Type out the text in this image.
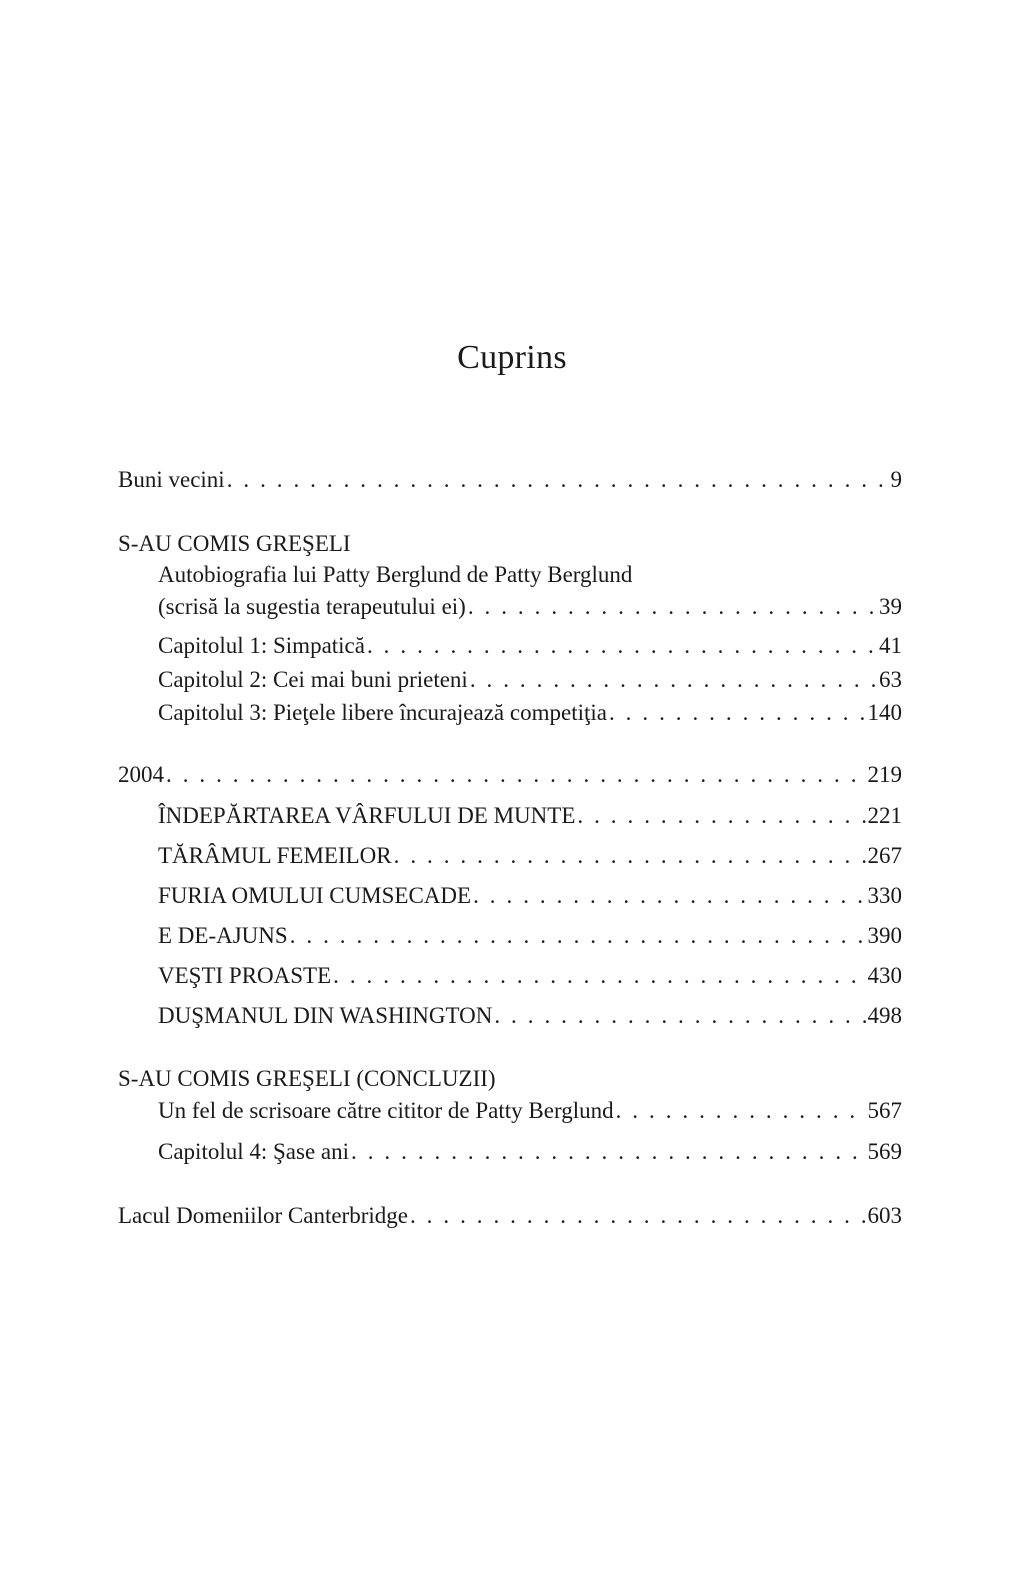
Cuprins
Buni vecini . . .	9
S-AU COMIS GREŞELI
Autobiografia lui Patty Berglund de Patty Berglund
(scrisă la sugestia terapeutului ei) . . .	39
Capitolul 1: Simpatică . . .	41
Capitolul 2: Cei mai buni prieteni . . .	63
Capitolul 3: Pieţele libere încurajează competiţia . . .	140
2004 . . .	219
ÎNDEPĂRTAREA VÂRFULUI DE MUNTE . . .	221
TĂRÂMUL FEMEILOR . . .	267
FURIA OMULUI CUMSECADE . . .	330
E DE-AJUNS . . .	390
VEŞTI PROASTE . . .	430
DUŞMANUL DIN WASHINGTON . . .	498
S-AU COMIS GREŞELI (CONCLUZII)
Un fel de scrisoare către cititor de Patty Berglund . . .	567
Capitolul 4: Şase ani . . .	569
Lacul Domeniilor Canterbridge . . .	603
